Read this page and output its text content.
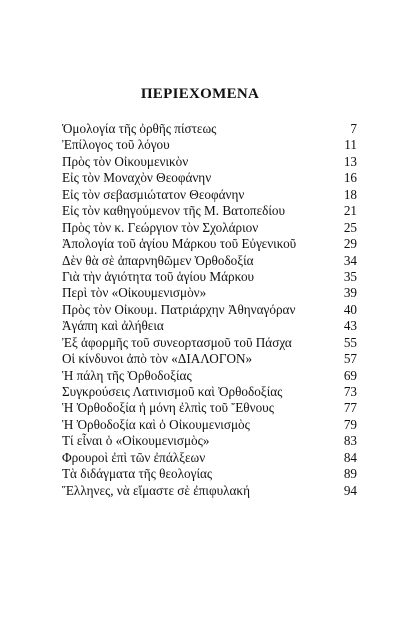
ΠΕΡΙΕΧΟΜΕΝΑ
Ὁμολογία τῆς ὀρθῆς πίστεως	7
Ἐπίλογος τοῦ λόγου	11
Πρὸς τὸν Οἰκουμενικὸν	13
Εἰς τὸν Μοναχὸν Θεοφάνην	16
Εἰς τὸν σεβασμιώτατον Θεοφάνην	18
Εἰς τὸν καθηγούμενον τῆς Μ. Βατοπεδίου	21
Πρὸς τὸν κ. Γεώργιον τὸν Σχολάριον	25
Ἀπολογία τοῦ ἁγίου Μάρκου τοῦ Εὐγενικοῦ	29
Δὲν θὰ σὲ ἀπαρνηθῶμεν Ὀρθοδοξία	34
Γιὰ τὴν ἁγιότητα τοῦ ἁγίου Μάρκου	35
Περὶ τὸν «Οἰκουμενισμὸν»	39
Πρὸς τὸν Οἰκουμ. Πατριάρχην Ἀθηναγόραν	40
Ἀγάπη καὶ ἀλήθεια	43
Ἐξ ἀφορμῆς τοῦ συνεορτασμοῦ τοῦ Πάσχα	55
Οἱ κίνδυνοι ἀπὸ τὸν «ΔΙΑΛΟΓΟΝ»	57
Ἡ πάλη τῆς Ὀρθοδοξίας	69
Συγκρούσεις Λατινισμοῦ καὶ Ὀρθοδοξίας	73
Ἡ Ὀρθοδοξία ἡ μόνη ἐλπὶς τοῦ Ἔθνους	77
Ἡ Ὀρθοδοξία καὶ ὁ Οἰκουμενισμὸς	79
Τί εἶναι ὁ «Οἰκουμενισμὸς»	83
Φρουροὶ ἐπὶ τῶν ἐπάλξεων	84
Τὰ διδάγματα τῆς θεολογίας	89
Ἕλληνες, νὰ εἴμαστε σὲ ἐπιφυλακή	94
